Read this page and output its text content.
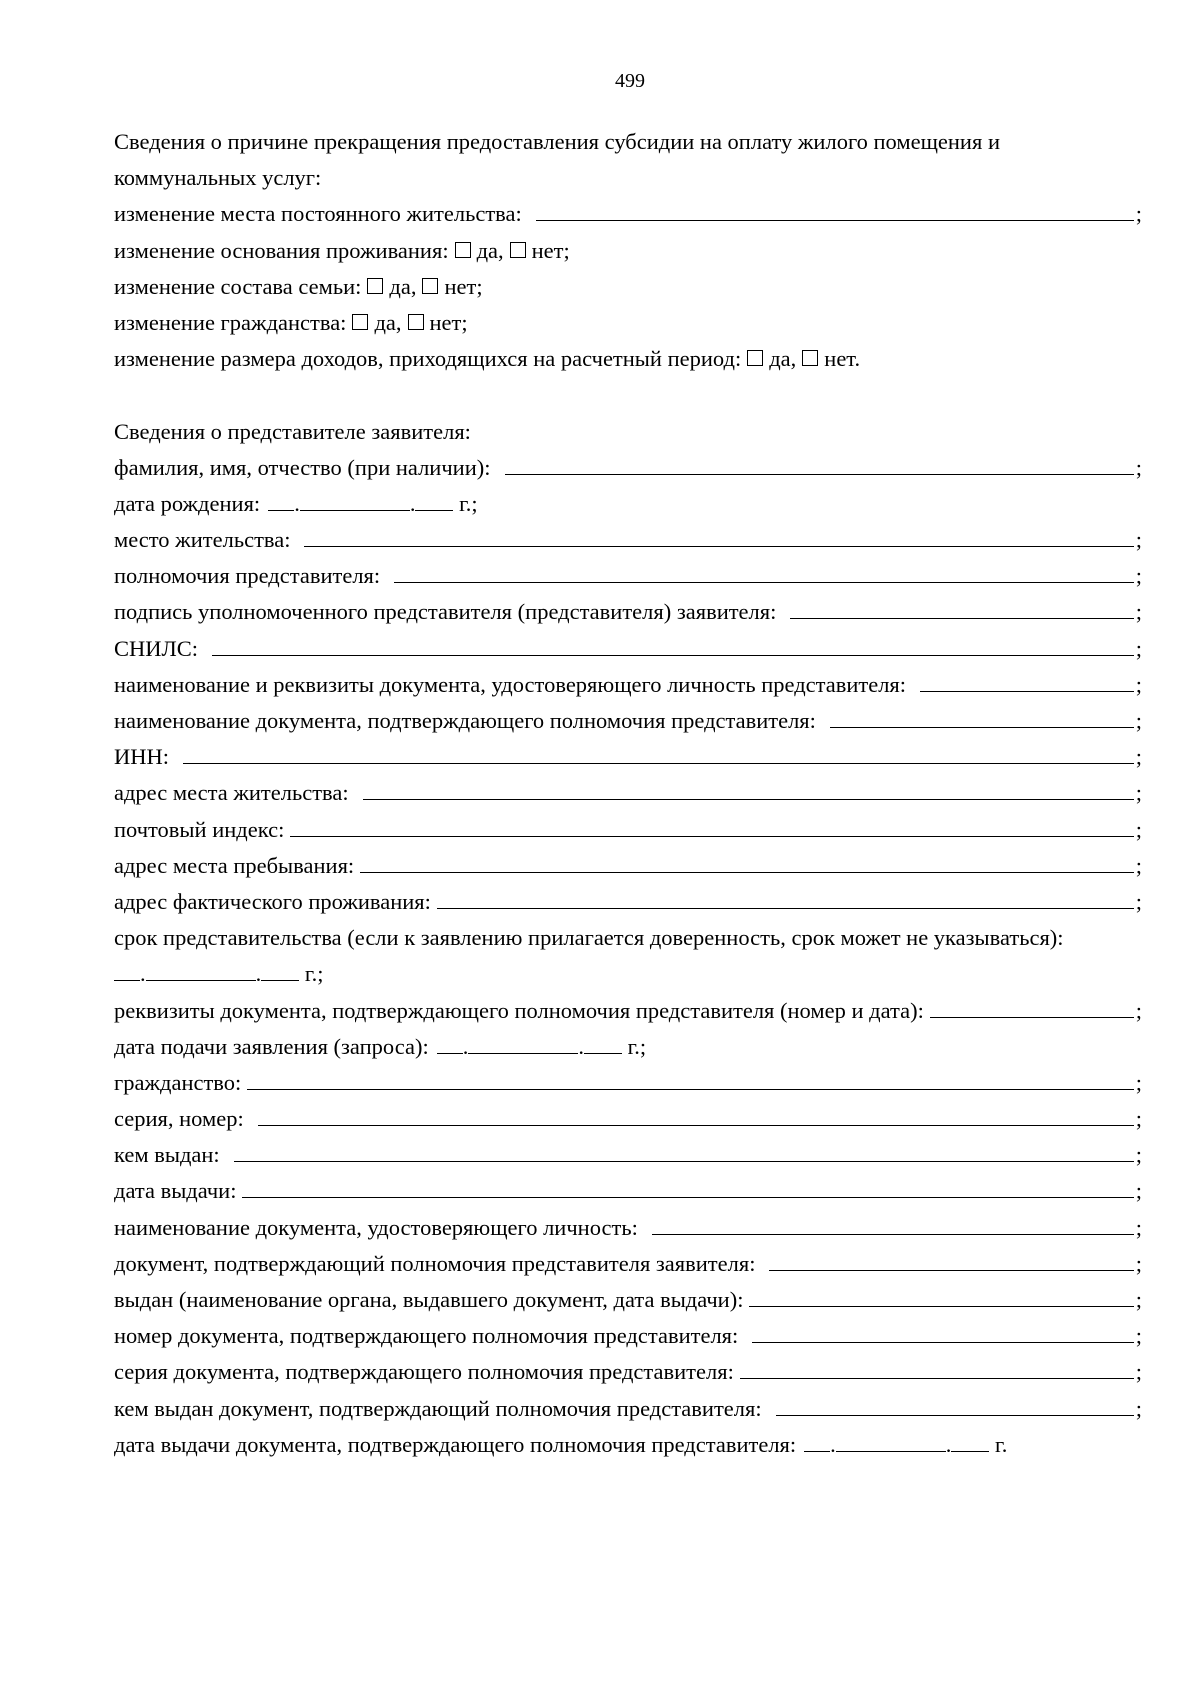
499
Сведения о причине прекращения предоставления субсидии на оплату жилого помещения и
коммунальных услуг:
изменение места постоянного жительства:	;
изменение основания проживания: да, нет;
изменение состава семьи: да, нет;
изменение гражданства: да, нет;
изменение размера доходов, приходящихся на расчетный период: да, нет.
Сведения о представителе заявителя:
фамилия, имя, отчество (при наличии):	;
дата рождения: .	.
г.;
место жительства:	;
полномочия представителя:	;
подпись уполномоченного представителя (представителя) заявителя:	;
СНИЛС:	;
наименование и реквизиты документа, удостоверяющего личность представителя:	;
наименование документа, подтверждающего полномочия представителя:	;
ИНН:	;
адрес места жительства:	;
почтовый индекс:	;
адрес места пребывания:	;
адрес фактического проживания:	;
срок представительства (если к заявлению прилагается доверенность, срок может не указываться):
.	.
г.;
реквизиты документа, подтверждающего полномочия представителя (номер и дата):	;
дата подачи заявления (запроса): .	.
г.;
гражданство:	;
серия, номер:	;
кем выдан:	;
дата выдачи:	;
наименование документа, удостоверяющего личность:	;
документ, подтверждающий полномочия представителя заявителя:	;
выдан (наименование органа, выдавшего документ, дата выдачи):	;
номер документа, подтверждающего полномочия представителя:	;
серия документа, подтверждающего полномочия представителя:	;
кем выдан документ, подтверждающий полномочия представителя:	;
дата выдачи документа, подтверждающего полномочия представителя: .	.
г.
